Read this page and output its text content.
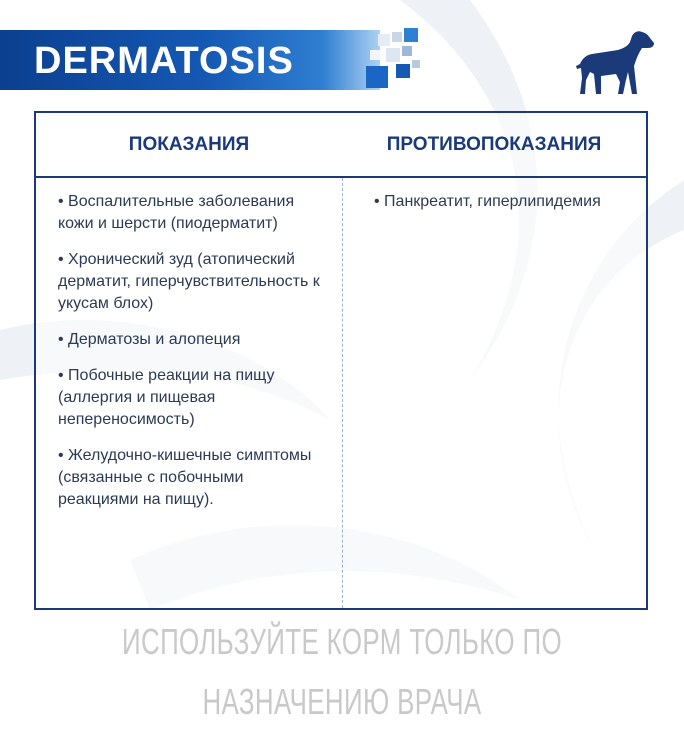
DERMATOSIS
ПОКАЗАНИЯ	ПРОТИВОПОКАЗАНИЯ
• Воспалительные заболевания кожи и шерсти (пиодерматит)
• Хронический зуд (атопический дерматит, гиперчувствительность к укусам блох)
• Дерматозы и алопеция
• Побочные реакции на пищу (аллергия и пищевая непереносимость)
• Желудочно-кишечные симптомы (связанные с побочными реакциями на пищу).
• Панкреатит, гиперлипидемия
ИСПОЛЬЗУЙТЕ КОРМ ТОЛЬКО ПО НАЗНАЧЕНИЮ ВРАЧА
